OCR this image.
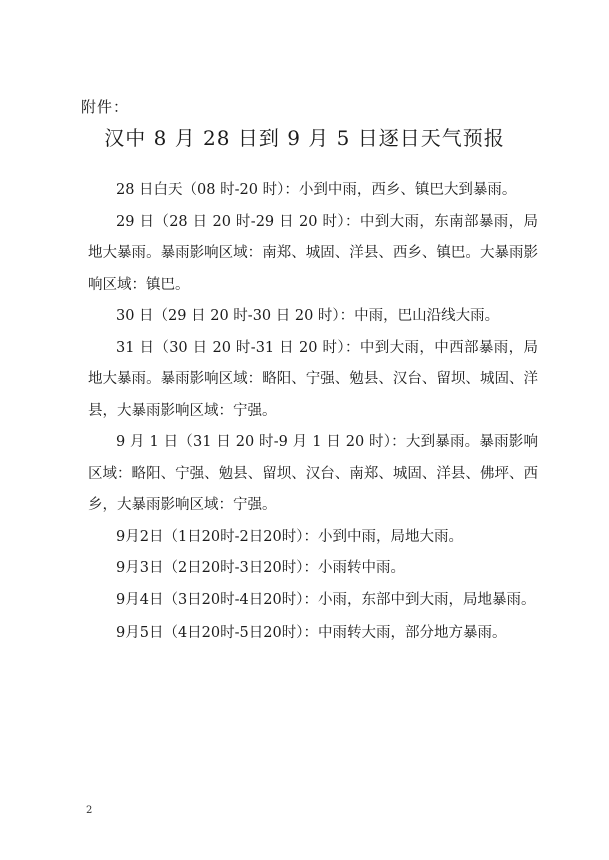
附件：
汉中 8 月 28 日到 9 月 5 日逐日天气预报

28 日白天（08 时-20 时）：小到中雨，西乡、镇巴大到暴雨。

29 日（28 日 20 时-29 日 20 时）：中到大雨，东南部暴雨，局地大暴雨。暴雨影响区域：南郑、城固、洋县、西乡、镇巴。大暴雨影响区域：镇巴。

30 日（29 日 20 时-30 日 20 时）：中雨，巴山沿线大雨。

31 日（30 日 20 时-31 日 20 时）：中到大雨，中西部暴雨，局地大暴雨。暴雨影响区域：略阳、宁强、勉县、汉台、留坝、城固、洋县，大暴雨影响区域：宁强。

9 月 1 日（31 日 20 时-9 月 1 日 20 时）：大到暴雨。暴雨影响区域：略阳、宁强、勉县、留坝、汉台、南郑、城固、洋县、佛坪、西乡，大暴雨影响区域：宁强。

9月2日（1日20时-2日20时）：小到中雨，局地大雨。

9月3日（2日20时-3日20时）：小雨转中雨。

9月4日（3日20时-4日20时）：小雨，东部中到大雨，局地暴雨。

9月5日（4日20时-5日20时）：中雨转大雨，部分地方暴雨。

2
